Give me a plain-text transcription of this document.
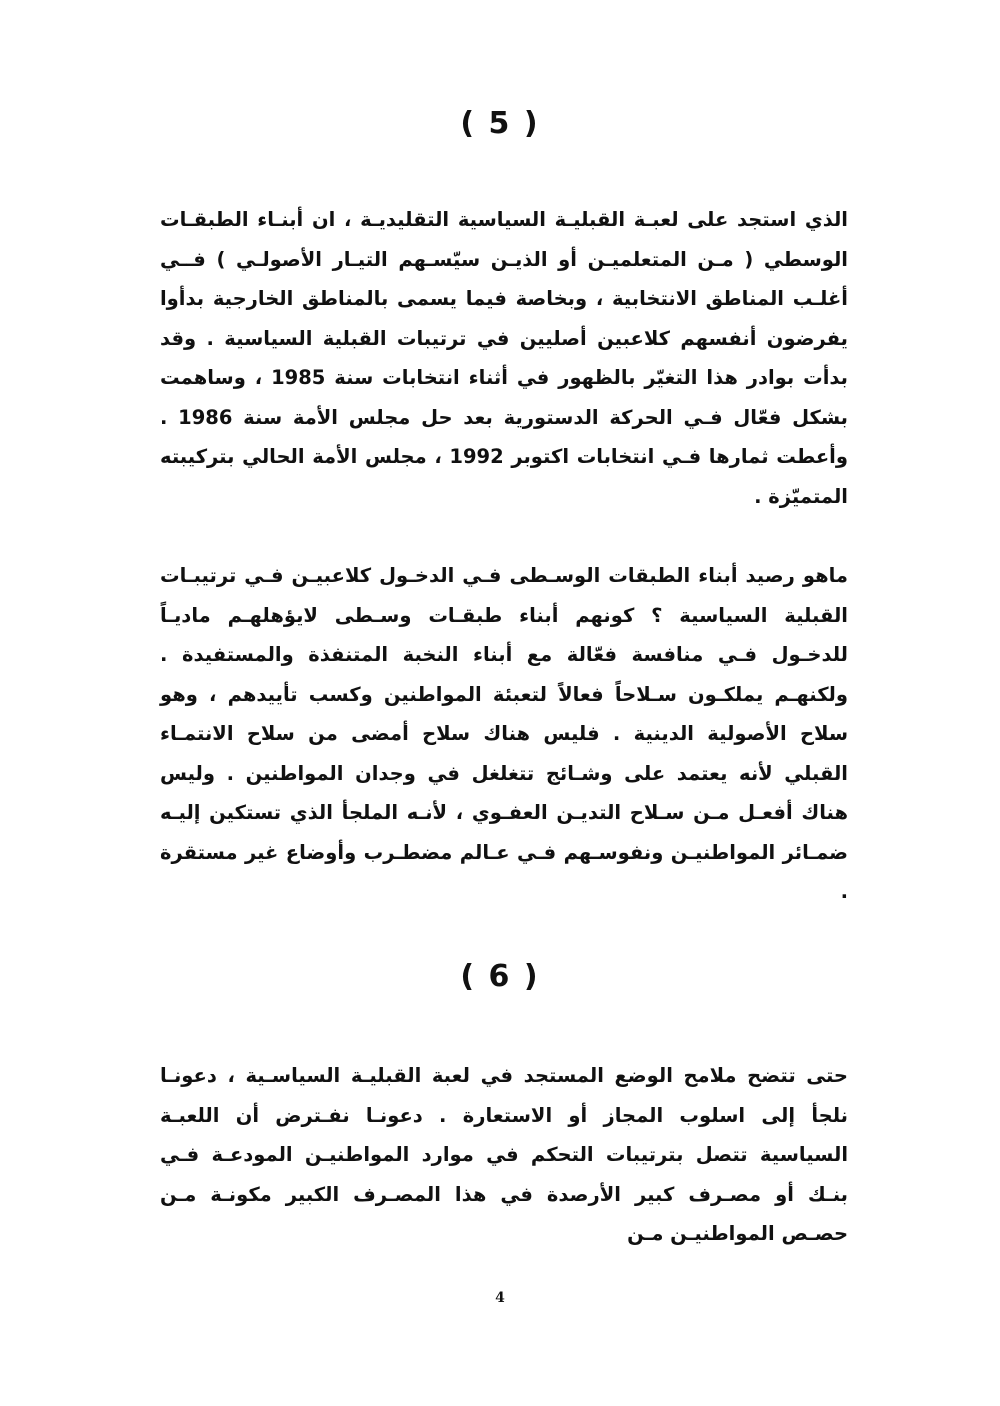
( 5 )

الذي استجد على لعبـة القبليـة السياسية التقليديـة ، ان أبنـاء الطبقـات الوسطي ( مـن المتعلميـن أو الذيـن سيّسـهم التيـار الأصولـي ) فــي أغلـب المناطق الانتخابية ، وبخاصة فيما يسمى بالمناطق الخارجية بدأوا يفرضون أنفسهم كلاعبين أصليين في ترتيبات القبلية السياسية . وقد بدأت بوادر هذا التغيّر بالظهور في أثناء انتخابات سنة 1985 ، وساهمت بشكل فعّال فـي الحركة الدستورية بعد حل مجلس الأمة سنة 1986 . وأعطت ثمارها فـي انتخابات اكتوبر 1992 ، مجلس الأمة الحالي بتركيبته المتميّزة .

ماهو رصيد أبناء الطبقات الوسـطى فـي الدخـول كلاعبيـن فـي ترتيبـات القبلية السياسية ؟ كونهم أبناء طبقـات وسـطى لايؤهلهـم ماديـاً للدخـول فـي منافسة فعّالة مع أبناء النخبة المتنفذة والمستفيدة . ولكنهـم يملكـون سـلاحاً فعالاً لتعبئة المواطنين وكسب تأييدهم ، وهو سلاح الأصولية الدينية . فليس هناك سلاح أمضى من سلاح الانتمـاء القبلي لأنه يعتمد على وشـائج تتغلغل في وجدان المواطنين . وليس هناك أفعـل مـن سـلاح التديـن العفـوي ، لأنـه الملجأ الذي تستكين إليـه ضمـائر المواطنيـن ونفوسـهم فـي عـالم مضطـرب وأوضاع غير مستقرة .

( 6 )

حتى تتضح ملامح الوضع المستجد في لعبة القبليـة السياسـية ، دعونـا نلجأ إلى اسلوب المجاز أو الاستعارة . دعونـا نفـترض أن اللعبـة السياسية تتصل بترتيبات التحكم في موارد المواطنيـن المودعـة فـي بنـك أو مصـرف كبير الأرصدة في هذا المصـرف الكبير مكونـة مـن حصـص المواطنيـن مـن

4
